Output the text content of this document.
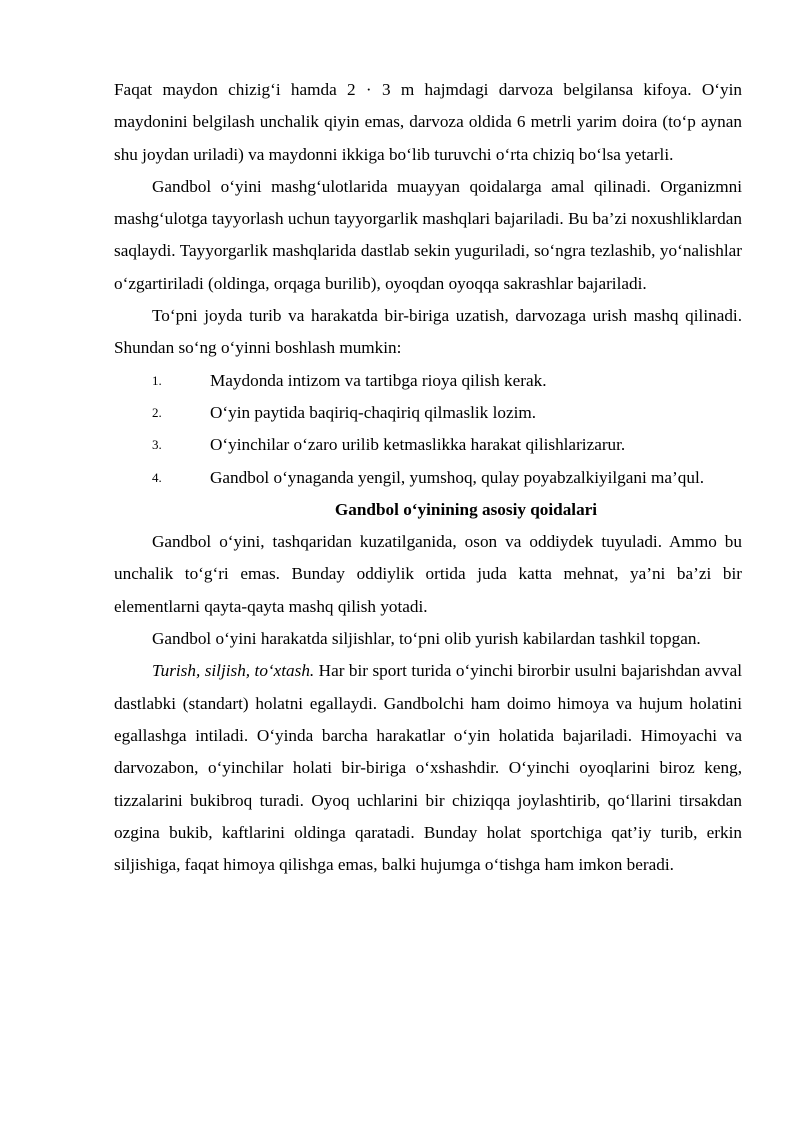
Faqat maydon chizig‘i hamda 2 · 3 m hajmdagi darvoza belgilansa kifoya. O‘yin maydonini belgilash unchalik qiyin emas, darvoza oldida 6 metrli yarim doira (to‘p aynan shu joydan uriladi) va maydonni ikkiga bo‘lib turuvchi o‘rta chiziq bo‘lsa yetarli.

Gandbol o‘yini mashg‘ulotlarida muayyan qoidalarga amal qilinadi. Organizmni mashg‘ulotga tayyorlash uchun tayyorgarlik mashqlari bajariladi. Bu ba’zi noxushliklardan saqlaydi. Tayyorgarlik mashqlarida dastlab sekin yuguriladi, so‘ngra tezlashib, yo‘nalishlar o‘zgartiriladi (oldinga, orqaga burilib), oyoqdan oyoqqa sakrashlar bajariladi.

To‘pni joyda turib va harakatda bir-biriga uzatish, darvozaga urish mashq qilinadi. Shundan so‘ng o‘yinni boshlash mumkin:

1.	Maydonda intizom va tartibga rioya qilish kerak.

2.	O‘yin paytida baqiriq-chaqiriq qilmaslik lozim.

3.	O‘yinchilar o‘zaro urilib ketmaslikka harakat qilishlarizarur.

4.	Gandbol o‘ynaganda yengil, yumshoq, qulay poyabzalkiyilgani ma’qul.

Gandbol o‘yinining asosiy qoidalari

Gandbol o‘yini, tashqaridan kuzatilganida, oson va oddiydek tuyuladi. Ammo bu unchalik to‘g‘ri emas. Bunday oddiylik ortida juda katta mehnat, ya’ni ba’zi bir elementlarni qayta-qayta mashq qilish yotadi.

Gandbol o‘yini harakatda siljishlar, to‘pni olib yurish kabilardan tashkil topgan.

Turish, siljish, to‘xtash. Har bir sport turida o‘yinchi birorbir usulni bajarishdan avval dastlabki (standart) holatni egallaydi. Gandbolchi ham doimo himoya va hujum holatini egallashga intiladi. O‘yinda barcha harakatlar o‘yin holatida bajariladi. Himoyachi va darvozabon, o‘yinchilar holati bir-biriga o‘xshashdir. O‘yinchi oyoqlarini biroz keng, tizzalarini bukibroq turadi. Oyoq uchlarini bir chiziqqa joylashtirib, qo‘llarini tirsakdan ozgina bukib, kaftlarini oldinga qaratadi. Bunday holat sportchiga qat’iy turib, erkin siljishiga, faqat himoya qilishga emas, balki hujumga o‘tishga ham imkon beradi.
